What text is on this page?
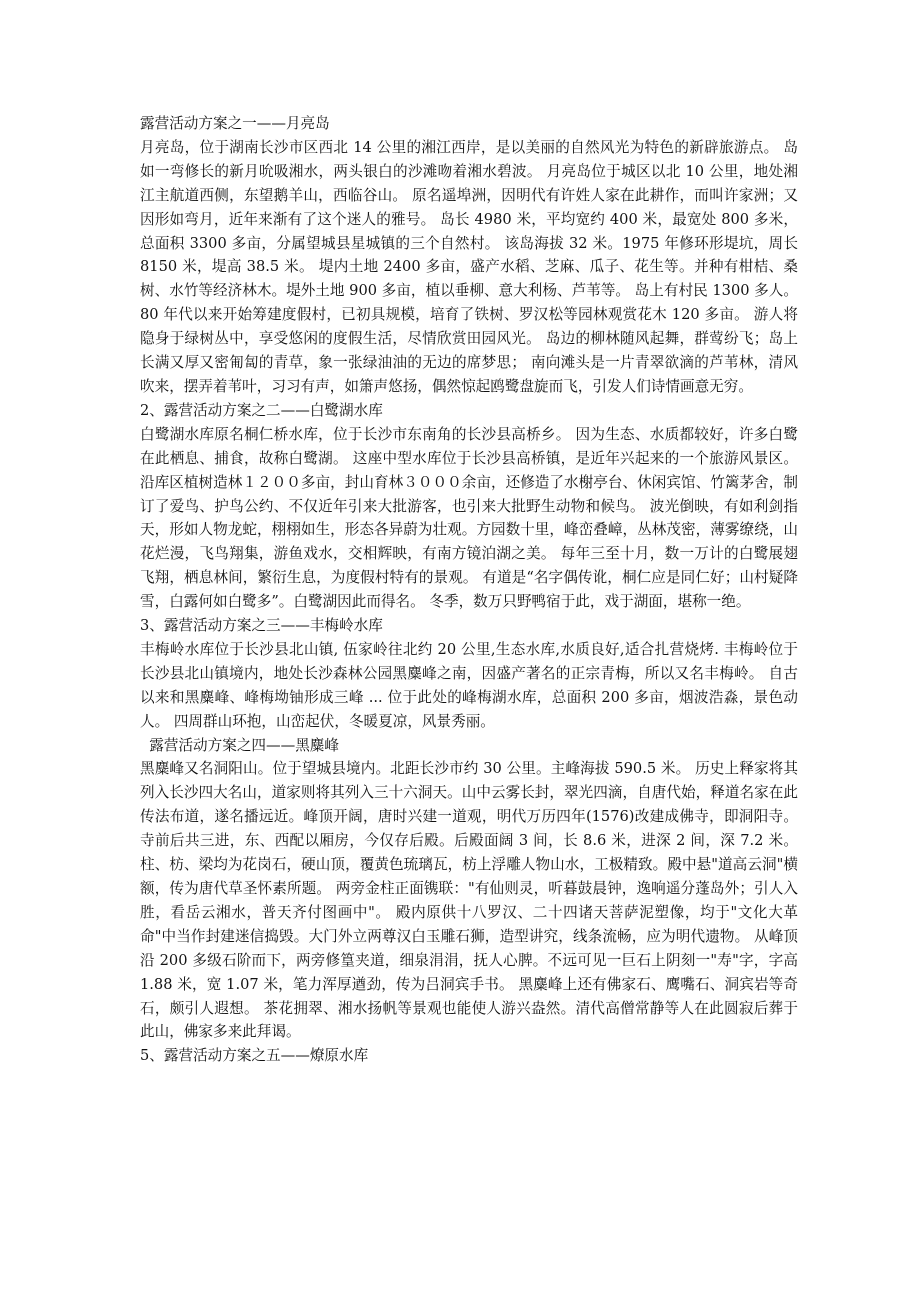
露营活动方案之一——月亮岛

月亮岛，位于湖南长沙市区西北 14 公里的湘江西岸，是以美丽的自然风光为特色的新辟旅游点。 岛如一弯修长的新月吮吸湘水，两头银白的沙滩吻着湘水碧波。 月亮岛位于城区以北 10 公里，地处湘江主航道西侧，东望鹅羊山，西临谷山。 原名遥埠洲，因明代有许姓人家在此耕作，而叫许家洲；又因形如弯月，近年来渐有了这个迷人的雅号。 岛长 4980 米，平均宽约 400 米，最宽处 800 多米，总面积 3300 多亩，分属望城县星城镇的三个自然村。 该岛海拔 32 米。1975 年修环形堤坑，周长 8150 米，堤高 38.5 米。 堤内土地 2400 多亩，盛产水稻、芝麻、瓜子、花生等。并种有柑桔、桑树、水竹等经济林木。堤外土地 900 多亩，植以垂柳、意大利杨、芦苇等。 岛上有村民 1300 多人。80 年代以来开始筹建度假村，已初具规模，培育了铁树、罗汉松等园林观赏花木 120 多亩。 游人将隐身于绿树丛中，享受悠闲的度假生活，尽情欣赏田园风光。 岛边的柳林随风起舞，群莺纷飞；岛上长满又厚又密匍匐的青草，象一张绿油油的无边的席梦思； 南向滩头是一片青翠欲滴的芦苇林，清风吹来，摆弄着苇叶，习习有声，如箫声悠扬，偶然惊起鸥鹭盘旋而飞，引发人们诗情画意无穷。

2、露营活动方案之二——白鹭湖水库

白鹭湖水库原名桐仁桥水库，位于长沙市东南角的长沙县高桥乡。 因为生态、水质都较好，许多白鹭在此栖息、捕食，故称白鹭湖。 这座中型水库位于长沙县高桥镇，是近年兴起来的一个旅游风景区。 沿库区植树造林１２００多亩，封山育林３０００余亩，还修造了水榭亭台、休闲宾馆、竹篱茅舍，制订了爱鸟、护鸟公约、不仅近年引来大批游客，也引来大批野生动物和候鸟。 波光倒映，有如利剑指天，形如人物龙蛇，栩栩如生，形态各异蔚为壮观。方园数十里，峰峦叠嶂，丛林茂密，薄雾缭绕，山花烂漫，飞鸟翔集，游鱼戏水，交相辉映，有南方镜泊湖之美。 每年三至十月，数一万计的白鹭展翅飞翔，栖息林间，繁衍生息，为度假村特有的景观。 有道是“名字偶传讹，桐仁应是同仁好；山村疑降雪，白露何如白鹭多”。白鹭湖因此而得名。 冬季，数万只野鸭宿于此，戏于湖面，堪称一绝。

3、露营活动方案之三——丰梅岭水库

丰梅岭水库位于长沙县北山镇, 伍家岭往北约 20 公里,生态水库,水质良好,适合扎营烧烤. 丰梅岭位于长沙县北山镇境内，地处长沙森林公园黑麋峰之南，因盛产著名的正宗青梅，所以又名丰梅岭。 自古以来和黑麋峰、峰梅坳铀形成三峰 ... 位于此处的峰梅湖水库，总面积 200 多亩，烟波浩淼，景色动人。 四周群山环抱，山峦起伏，冬暖夏凉，风景秀丽。

露营活动方案之四——黑麋峰

黑麋峰又名洞阳山。位于望城县境内。北距长沙市约 30 公里。主峰海拔 590.5 米。 历史上释家将其列入长沙四大名山，道家则将其列入三十六洞天。山中云雾长封，翠光四滴，自唐代始，释道名家在此传法布道，遂名播远近。峰顶开阔，唐时兴建一道观，明代万历四年(1576)改建成佛寺，即洞阳寺。 寺前后共三进，东、西配以厢房，今仅存后殿。后殿面阔 3 间，长 8.6 米，进深 2 间，深 7.2 米。 柱、枋、梁均为花岗石，硬山顶，覆黄色琉璃瓦，枋上浮雕人物山水，工极精致。殿中悬"道高云洞"横额，传为唐代草圣怀素所题。 两旁金柱正面镌联："有仙则灵，听暮鼓晨钟，逸响遥分蓬岛外；引人入胜，看岳云湘水，普天齐付图画中"。 殿内原供十八罗汉、二十四诸天菩萨泥塑像，均于"文化大革命"中当作封建迷信捣毁。大门外立两尊汉白玉雕石狮，造型讲究，线条流畅，应为明代遗物。 从峰顶沿 200 多级石阶而下，两旁修篁夹道，细泉涓涓，抚人心脾。不远可见一巨石上阴刻一"寿"字，字高 1.88 米，宽 1.07 米，笔力浑厚遒劲，传为吕洞宾手书。 黑麋峰上还有佛家石、鹰嘴石、洞宾岩等奇石，颇引人遐想。 茶花拥翠、湘水扬帆等景观也能使人游兴盎然。清代高僧常静等人在此圆寂后葬于此山，佛家多来此拜谒。

5、露营活动方案之五——燎原水库
